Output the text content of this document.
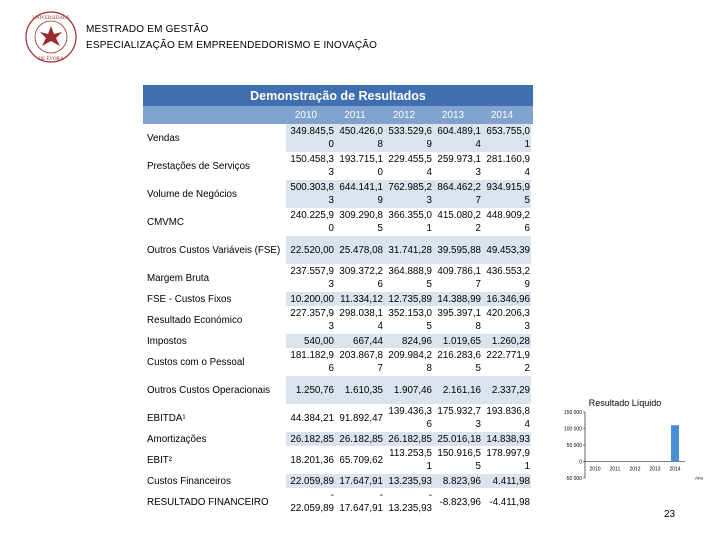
UNIVERSIDADE
DE ÉVORA
MESTRADO EM GESTÃO
ESPECIALIZAÇÃO EM EMPREENDEDORISMO E INOVAÇÃO
Demonstração de Resultados
2010	2011	2012	2013	2014
Vendas	349.845,5 0	450.426,0 8	533.529,6 9	604.489,1 4	653.755,0 1
Prestações de Serviços	150.458,3 3	193.715,1 0	229.455,5 4	259.973,1 3	281.160,9 4
Volume de Negócios	500.303,8 3	644.141,1 9	762.985,2 3	864.462,2 7	934.915,9 5
CMVMC	240.225,9 0	309.290,8 5	366.355,0 1	415.080,2 2	448.909,2 6
Outros Custos Variáveis (FSE)	22.520,00	25.478,08	31.741,28	39.595,88	49.453,39
Margem Bruta	237.557,9 3	309.372,2 6	364.888,9 5	409.786,1 7	436.553,2 9
FSE - Custos Fixos	10.200,00	11.334,12	12.735,89	14.388,99	16.346,96
Resultado Económico	227.357,9 3	298.038,1 4	352.153,0 5	395.397,1 8	420.206,3 3
Impostos	540,00	667,44	824,96	1.019,65	1.260,28
Custos com o Pessoal	181.182,9 6	203.867,8 7	209.984,2 8	216.283,6 5	222.771,9 2
Outros Custos Operacionais	1.250,76	1.610,35	1.907,46	2.161,16	2.337,29
EBITDA¹	44.384,21	91.892,47	139.436,3 6	175.932,7 3	193.836,8 4
Amortizações	26.182,85	26.182,85	26.182,85	25.016,18	14.838,93
EBIT²	18.201,36	65.709,62	113.253,5 1	150.916,5 5	178.997,9 1
Custos Financeiros	22.059,89	17.647,91	13.235,93	8.823,96	4.411,98
RESULTADO FINANCEIRO	- 22.059,89	- 17.647,91	- 13.235,93	-8.823,96	-4.411,98
Resultado Líquido
150 000
100 000
50 000
0
-50 000
2010 2011 2012 2013 2014
Ano
23
